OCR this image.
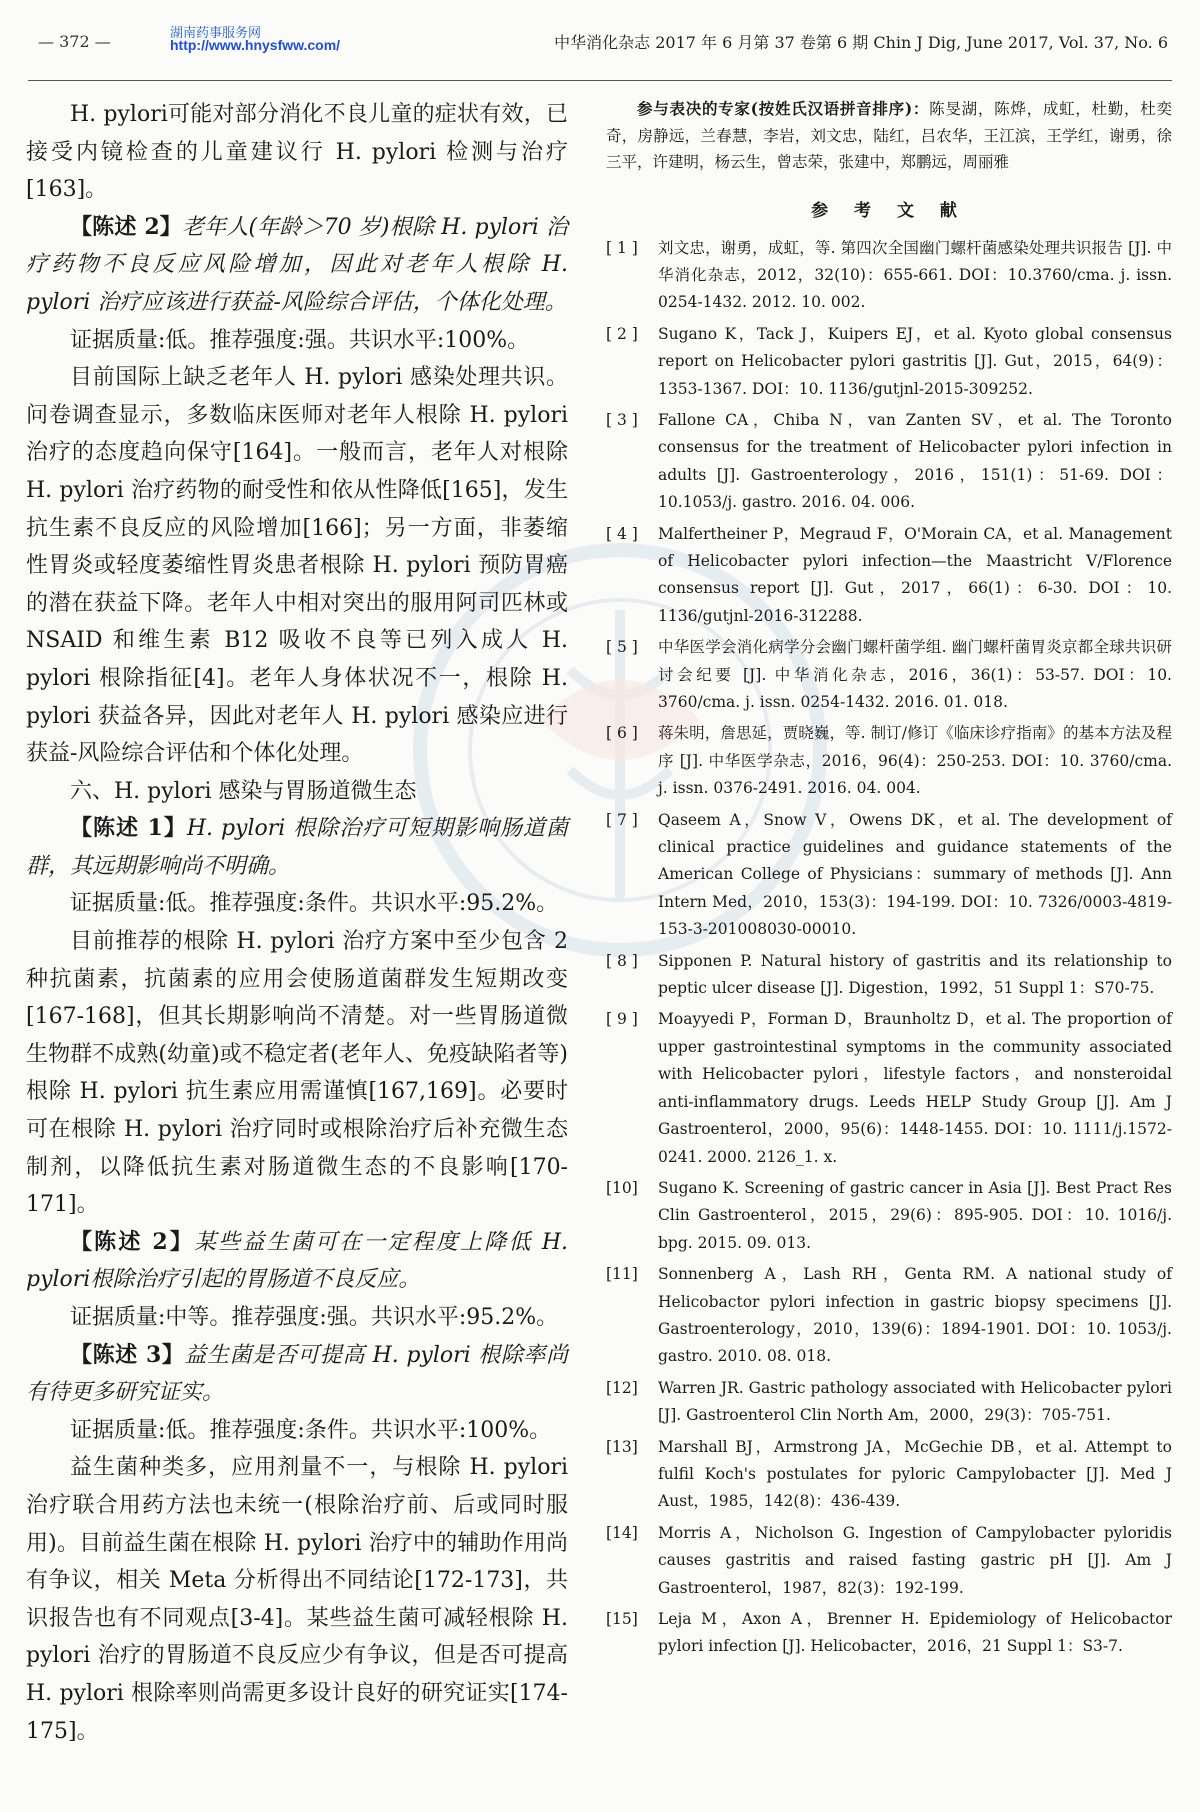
— 372 —	湖南药事服务网
http://www.hnysfww.com/	中华消化杂志 2017 年 6 月第 37 卷第 6 期 Chin J Dig, June 2017, Vol. 37, No. 6

H. pylori可能对部分消化不良儿童的症状有效，已接受内镜检查的儿童建议行 H. pylori 检测与治疗[163]。

【陈述 2】老年人(年龄＞70 岁)根除 H. pylori 治疗药物不良反应风险增加，因此对老年人根除 H. pylori 治疗应该进行获益-风险综合评估，个体化处理。

证据质量:低。推荐强度:强。共识水平:100%。

目前国际上缺乏老年人 H. pylori 感染处理共识。问卷调查显示，多数临床医师对老年人根除 H. pylori 治疗的态度趋向保守[164]。一般而言，老年人对根除 H. pylori 治疗药物的耐受性和依从性降低[165]，发生抗生素不良反应的风险增加[166]；另一方面，非萎缩性胃炎或轻度萎缩性胃炎患者根除 H. pylori 预防胃癌的潜在获益下降。老年人中相对突出的服用阿司匹林或 NSAID 和维生素 B12 吸收不良等已列入成人 H. pylori 根除指征[4]。老年人身体状况不一，根除 H. pylori 获益各异，因此对老年人 H. pylori 感染应进行获益-风险综合评估和个体化处理。

六、H. pylori 感染与胃肠道微生态

【陈述 1】H. pylori 根除治疗可短期影响肠道菌群，其远期影响尚不明确。

证据质量:低。推荐强度:条件。共识水平:95.2%。

目前推荐的根除 H. pylori 治疗方案中至少包含 2 种抗菌素，抗菌素的应用会使肠道菌群发生短期改变[167-168]，但其长期影响尚不清楚。对一些胃肠道微生物群不成熟(幼童)或不稳定者(老年人、免疫缺陷者等)根除 H. pylori 抗生素应用需谨慎[167,169]。必要时可在根除 H. pylori 治疗同时或根除治疗后补充微生态制剂，以降低抗生素对肠道微生态的不良影响[170-171]。

【陈述 2】某些益生菌可在一定程度上降低 H. pylori根除治疗引起的胃肠道不良反应。

证据质量:中等。推荐强度:强。共识水平:95.2%。

【陈述 3】益生菌是否可提高 H. pylori 根除率尚有待更多研究证实。

证据质量:低。推荐强度:条件。共识水平:100%。

益生菌种类多，应用剂量不一，与根除 H. pylori 治疗联合用药方法也未统一(根除治疗前、后或同时服用)。目前益生菌在根除 H. pylori 治疗中的辅助作用尚有争议，相关 Meta 分析得出不同结论[172-173]，共识报告也有不同观点[3-4]。某些益生菌可减轻根除 H. pylori 治疗的胃肠道不良反应少有争议，但是否可提高 H. pylori 根除率则尚需更多设计良好的研究证实[174-175]。

参与表决的专家(按姓氏汉语拼音排序)：陈旻湖，陈烨，成虹，杜勤，杜奕奇，房静远，兰春慧，李岩，刘文忠，陆红，吕农华，王江滨，王学红，谢勇，徐三平，许建明，杨云生，曾志荣，张建中，郑鹏远，周丽雅

参 考 文 献
[ 1 ]	刘文忠，谢勇，成虹，等. 第四次全国幽门螺杆菌感染处理共识报告 [J]. 中华消化杂志，2012，32(10)：655-661. DOI：10.3760/cma. j. issn. 0254-1432. 2012. 10. 002.
[ 2 ]	Sugano K，Tack J，Kuipers EJ，et al. Kyoto global consensus report on Helicobacter pylori gastritis [J]. Gut，2015，64(9)：1353-1367. DOI：10. 1136/gutjnl-2015-309252.
[ 3 ]	Fallone CA，Chiba N，van Zanten SV，et al. The Toronto consensus for the treatment of Helicobacter pylori infection in adults [J]. Gastroenterology，2016，151(1)：51-69. DOI：10.1053/j. gastro. 2016. 04. 006.
[ 4 ]	Malfertheiner P，Megraud F，O'Morain CA，et al. Management of Helicobacter pylori infection—the Maastricht V/Florence consensus report [J]. Gut，2017，66(1)：6-30. DOI：10. 1136/gutjnl-2016-312288.
[ 5 ]	中华医学会消化病学分会幽门螺杆菌学组. 幽门螺杆菌胃炎京都全球共识研讨会纪要 [J]. 中华消化杂志，2016，36(1)：53-57. DOI：10. 3760/cma. j. issn. 0254-1432. 2016. 01. 018.
[ 6 ]	蒋朱明，詹思延，贾晓巍，等. 制订/修订《临床诊疗指南》的基本方法及程序 [J]. 中华医学杂志，2016，96(4)：250-253. DOI：10. 3760/cma. j. issn. 0376-2491. 2016. 04. 004.
[ 7 ]	Qaseem A，Snow V，Owens DK，et al. The development of clinical practice guidelines and guidance statements of the American College of Physicians：summary of methods [J]. Ann Intern Med，2010，153(3)：194-199. DOI：10. 7326/0003-4819-153-3-201008030-00010.
[ 8 ]	Sipponen P. Natural history of gastritis and its relationship to peptic ulcer disease [J]. Digestion，1992，51 Suppl 1：S70-75.
[ 9 ]	Moayyedi P，Forman D，Braunholtz D，et al. The proportion of upper gastrointestinal symptoms in the community associated with Helicobacter pylori，lifestyle factors，and nonsteroidal anti-inflammatory drugs. Leeds HELP Study Group [J]. Am J Gastroenterol，2000，95(6)：1448-1455. DOI：10. 1111/j.1572-0241. 2000. 2126_1. x.
[10]	Sugano K. Screening of gastric cancer in Asia [J]. Best Pract Res Clin Gastroenterol，2015，29(6)：895-905. DOI：10. 1016/j. bpg. 2015. 09. 013.
[11]	Sonnenberg A，Lash RH，Genta RM. A national study of Helicobactor pylori infection in gastric biopsy specimens [J]. Gastroenterology，2010，139(6)：1894-1901. DOI：10. 1053/j. gastro. 2010. 08. 018.
[12]	Warren JR. Gastric pathology associated with Helicobacter pylori [J]. Gastroenterol Clin North Am，2000，29(3)：705-751.
[13]	Marshall BJ，Armstrong JA，McGechie DB，et al. Attempt to fulfil Koch's postulates for pyloric Campylobacter [J]. Med J Aust，1985，142(8)：436-439.
[14]	Morris A，Nicholson G. Ingestion of Campylobacter pyloridis causes gastritis and raised fasting gastric pH [J]. Am J Gastroenterol，1987，82(3)：192-199.
[15]	Leja M，Axon A，Brenner H. Epidemiology of Helicobactor pylori infection [J]. Helicobacter，2016，21 Suppl 1：S3-7.
